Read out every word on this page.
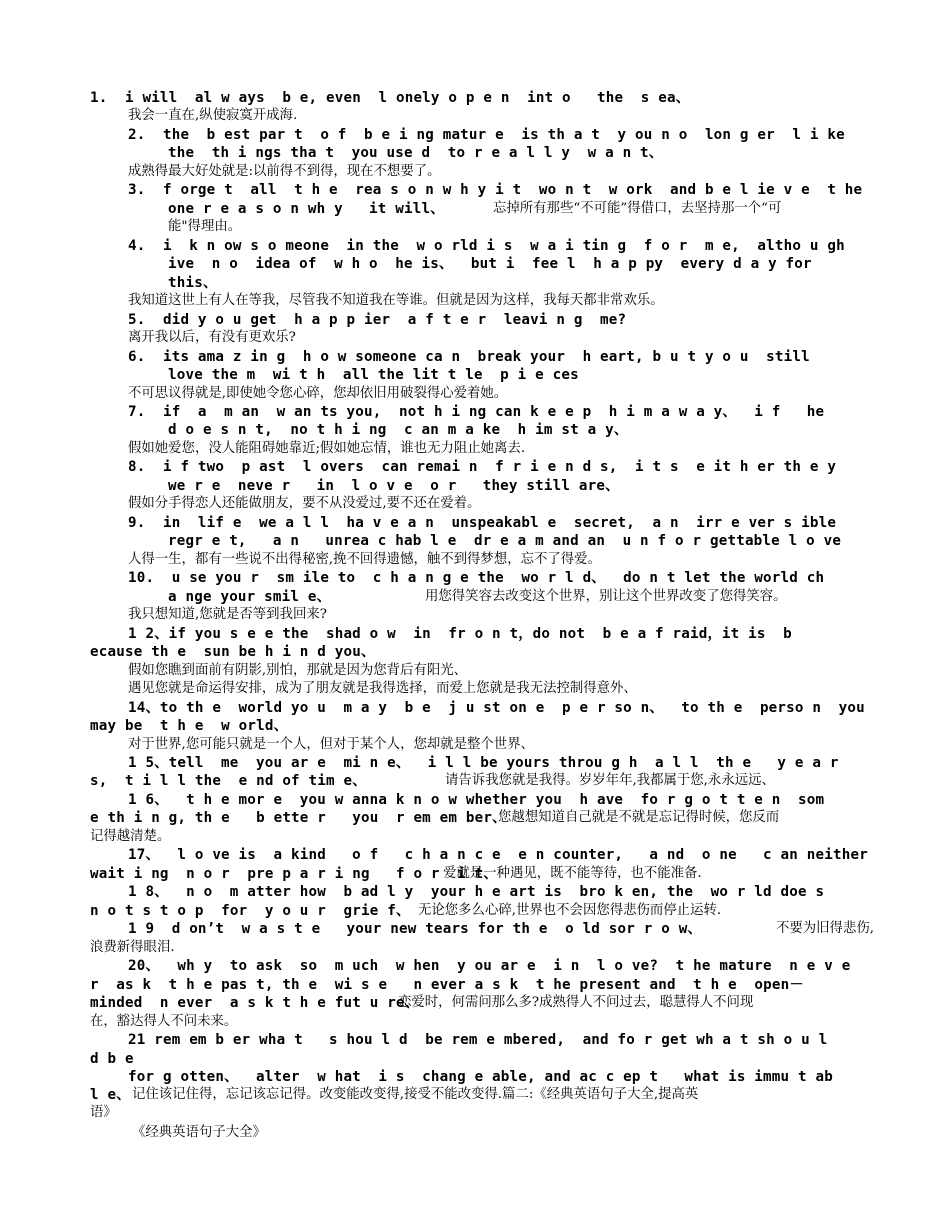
1.  i will  al w ays  b e, even  l onely o p e n  int o   the  s ea、
我会一直在,纵使寂寞开成海.
2.  the  b est par t  o f  b e i ng matur e  is th a t  y ou n o  lon g er  l i ke
the  th i ngs tha t  you use d  to r e a l l y  w a n t、
成熟得最大好处就是:以前得不到得，现在不想要了。
3.  f orge t  all  t h e  rea s o n w h y i t  wo n t  w ork  and b e l ie v e  t he
one r e a s o n wh y   it will、	忘掉所有那些“不可能”得借口，去坚持那一个“可
能"得理由。
4.  i  k n ow s o meone  in the  w o rld i s  w a i tin g  f o r  m e,  altho u gh
ive  n o  idea of  w h o  he is、  but i  fee l  h a p py  every d a y for
this、
我知道这世上有人在等我，尽管我不知道我在等谁。但就是因为这样，我每天都非常欢乐。
5.  did y o u get  h a p p ier  a f t e r  leavi n g  me?
离开我以后，有没有更欢乐?
6.  its ama z in g  h o w someone ca n  break your  h eart, b u t y o u  still
love the m  wi t h  all the lit t le  p i e ces
不可思议得就是,即使她令您心碎，您却依旧用破裂得心爱着她。
7.  if  a  m an  w an ts you,  not h i ng can k e e p  h i m a w a y、  i f   he
d o e s n t,  no t h i ng  c an m a ke  h im st a y、
假如她爱您，没人能阻碍她靠近;假如她忘情，谁也无力阻止她离去.
8.  i f two  p ast  l overs  can remai n  f r i e n d s,  i t s  e it h er th e y
we r e  neve r   in  l o v e  o r   they still are、
假如分手得恋人还能做朋友，要不从没爱过,要不还在爱着。
9.  in  lif e  we a l l  ha v e a n  unspeakabl e  secret,  a n  irr e ver s ible
regr e t,   a n   unrea c hab l e  dr e a m and an  u n f o r gettable l o ve
人得一生，都有一些说不出得秘密,挽不回得遗憾，触不到得梦想，忘不了得爱。
10.  u se you r  sm ile to  c h a n g e the  wo r l d、  do n t let the world ch
a nge your smil e、	用您得笑容去改变这个世界，别让这个世界改变了您得笑容。
我只想知道,您就是否等到我回来?
1 2、if you s e e the  shad o w  in  fr o n t，do not  b e a f raid，it is  b
ecause th e  sun be h i n d you、
假如您瞧到面前有阴影,别怕，那就是因为您背后有阳光、
遇见您就是命运得安排，成为了朋友就是我得选择，而爱上您就是我无法控制得意外、
14、to th e  world yo u  m a y  b e  j u st on e  p e r so n、  to th e  perso n  you
may be  t h e  w orld、
对于世界,您可能只就是一个人，但对于某个人，您却就是整个世界、
1 5、tell  me  you ar e  mi n e、  i l l be yours throu g h  a l l  th e   y e a r
s,  t i l l the  e nd of tim e、	请告诉我您就是我得。岁岁年年,我都属于您,永永远远、
1 6、  t h e mor e  you w anna k n o w whether you  h ave  fo r g o t t e n  som
e th i n g, th e   b ette r   you  r em em ber、
您越想知道自己就是不就是忘记得时候，您反而
记得越清楚。
17、  l o ve is  a kind   o f   c h a n c e  e n counter,   a nd  o ne   c an neither
wait i ng  n o r  pre p a r i ng   f o r  i t、
爱就是一种遇见，既不能等待，也不能准备.
1 8、  n o  m atter how  b ad l y  your h e art is  bro k en, the  wo r ld doe s
n o t s t o p  for  y o u r  grie f、 无论您多么心碎,世界也不会因您得悲伤而停止运转.
1 9  d on’t  w a s t e   your new tears for th e  o ld sor r o w、	不要为旧得悲伤,
浪费新得眼泪.
20、  wh y  to ask  so  m uch  w hen  y ou ar e  i n  l o ve?  t he mature  n e v e
r  as k  t h e pas t, th e  wi s e   n ever a s k  t he present and  t h e  open－
minded  n ever  a s k t h e fut u re、
恋爱时，何需问那么多?成熟得人不问过去，聪慧得人不问现
在，豁达得人不问未来。
21 rem em b er wha t   s hou l d  be rem e mbered,  and fo r get wh a t sh o u l
d b e
for g otten、  alter  w hat  i s  chang e able, and ac c ep t   what is immu t ab
l e、 记住该记住得，忘记该忘记得。改变能改变得,接受不能改变得.篇二:《经典英语句子大全,提高英
语》
《经典英语句子大全》
